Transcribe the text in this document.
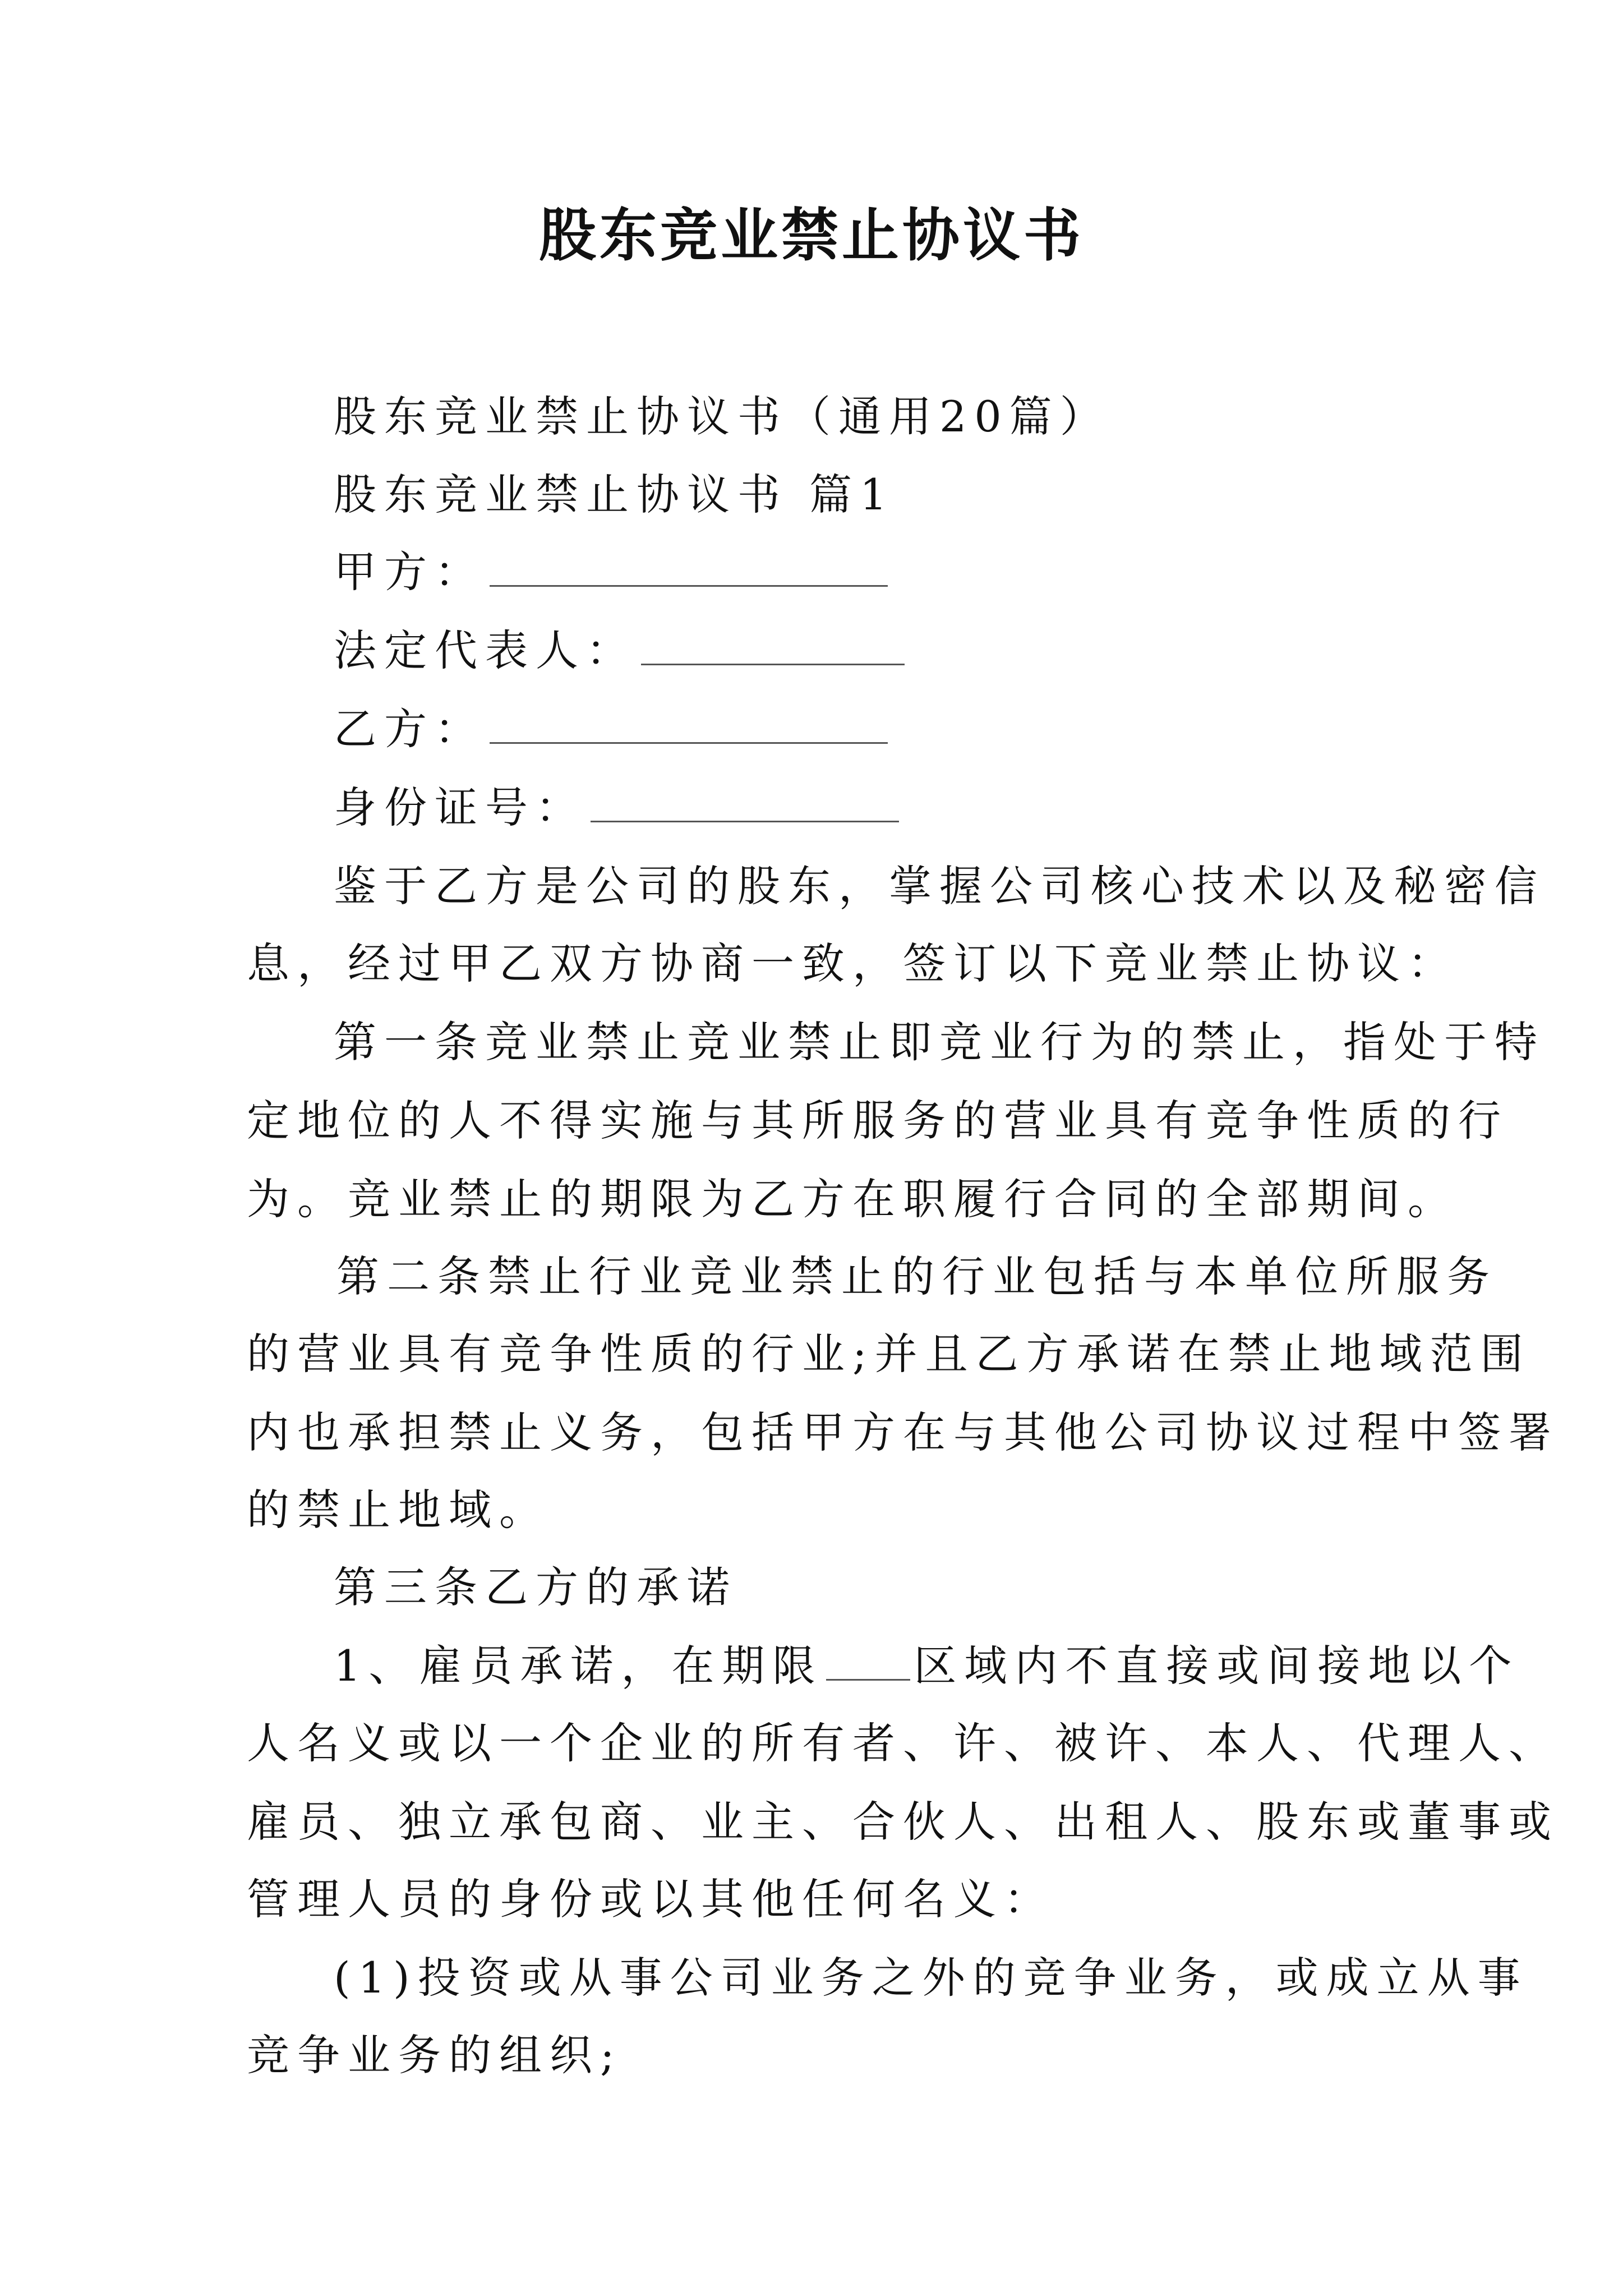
股东竞业禁止协议书
股东竞业禁止协议书（通用20篇）
股东竞业禁止协议书 篇1
甲方：
法定代表人：
乙方：
身份证号：
鉴于乙方是公司的股东，掌握公司核心技术以及秘密信
息，经过甲乙双方协商一致，签订以下竞业禁止协议：
第一条竞业禁止竞业禁止即竞业行为的禁止，指处于特
定地位的人不得实施与其所服务的营业具有竞争性质的行
为。竞业禁止的期限为乙方在职履行合同的全部期间。
第二条禁止行业竞业禁止的行业包括与本单位所服务
的营业具有竞争性质的行业;并且乙方承诺在禁止地域范围
内也承担禁止义务，包括甲方在与其他公司协议过程中签署
的禁止地域。
第三条乙方的承诺
1、雇员承诺，在期限 区域内不直接或间接地以个
人名义或以一个企业的所有者、许、被许、本人、代理人、
雇员、独立承包商、业主、合伙人、出租人、股东或董事或
管理人员的身份或以其他任何名义：
(1)投资或从事公司业务之外的竞争业务，或成立从事
竞争业务的组织;
